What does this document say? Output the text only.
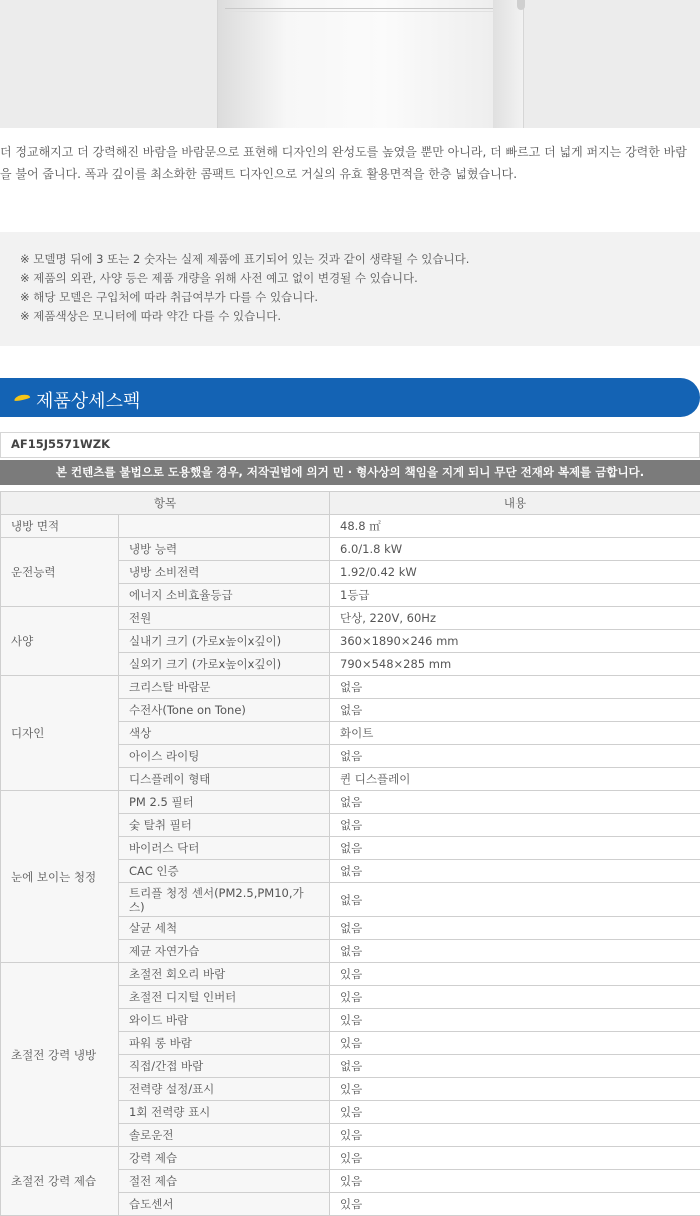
더 정교해지고 더 강력해진 바람을 바람문으로 표현해 디자인의 완성도를 높였을 뿐만 아니라, 더 빠르고 더 넓게 퍼지는 강력한 바람
을 불어 줍니다. 폭과 깊이를 최소화한 콤팩트 디자인으로 거실의 유효 활용면적을 한층 넓혔습니다.
※ 모델명 뒤에 3 또는 2 숫자는 실제 제품에 표기되어 있는 것과 같이 생략될 수 있습니다.
※ 제품의 외관, 사양 등은 제품 개량을 위해 사전 예고 없이 변경될 수 있습니다.
※ 해당 모델은 구입처에 따라 취급여부가 다를 수 있습니다.
※ 제품색상은 모니터에 따라 약간 다를 수 있습니다.
제품상세스펙
AF15J5571WZK
본 컨텐츠를 불법으로 도용했을 경우, 저작권법에 의거 민 · 형사상의 책임을 지게 되니 무단 전재와 복제를 금합니다.
항목		내용
냉방 면적		48.8 ㎡
운전능력	냉방 능력	6.0/1.8 kW
	냉방 소비전력	1.92/0.42 kW
	에너지 소비효율등급	1등급
사양	전원	단상, 220V, 60Hz
	실내기 크기 (가로x높이x깊이)	360×1890×246 mm
	실외기 크기 (가로x높이x깊이)	790×548×285 mm
디자인	크리스탈 바람문	없음
	수전사(Tone on Tone)	없음
	색상	화이트
	아이스 라이팅	없음
	디스플레이 형태	퀸 디스플레이
눈에 보이는 청정	PM 2.5 필터	없음
	숯 탈취 필터	없음
	바이러스 닥터	없음
	CAC 인증	없음
	트리플 청정 센서(PM2.5,PM10,가스)	없음
	살균 세척	없음
	제균 자연가습	없음
초절전 강력 냉방	초절전 회오리 바람	있음
	초절전 디지털 인버터	있음
	와이드 바람	있음
	파워 롱 바람	있음
	직접/간접 바람	없음
	전력량 설정/표시	있음
	1회 전력량 표시	있음
	솔로운전	있음
초절전 강력 제습	강력 제습	있음
	절전 제습	있음
	습도센서	있음
